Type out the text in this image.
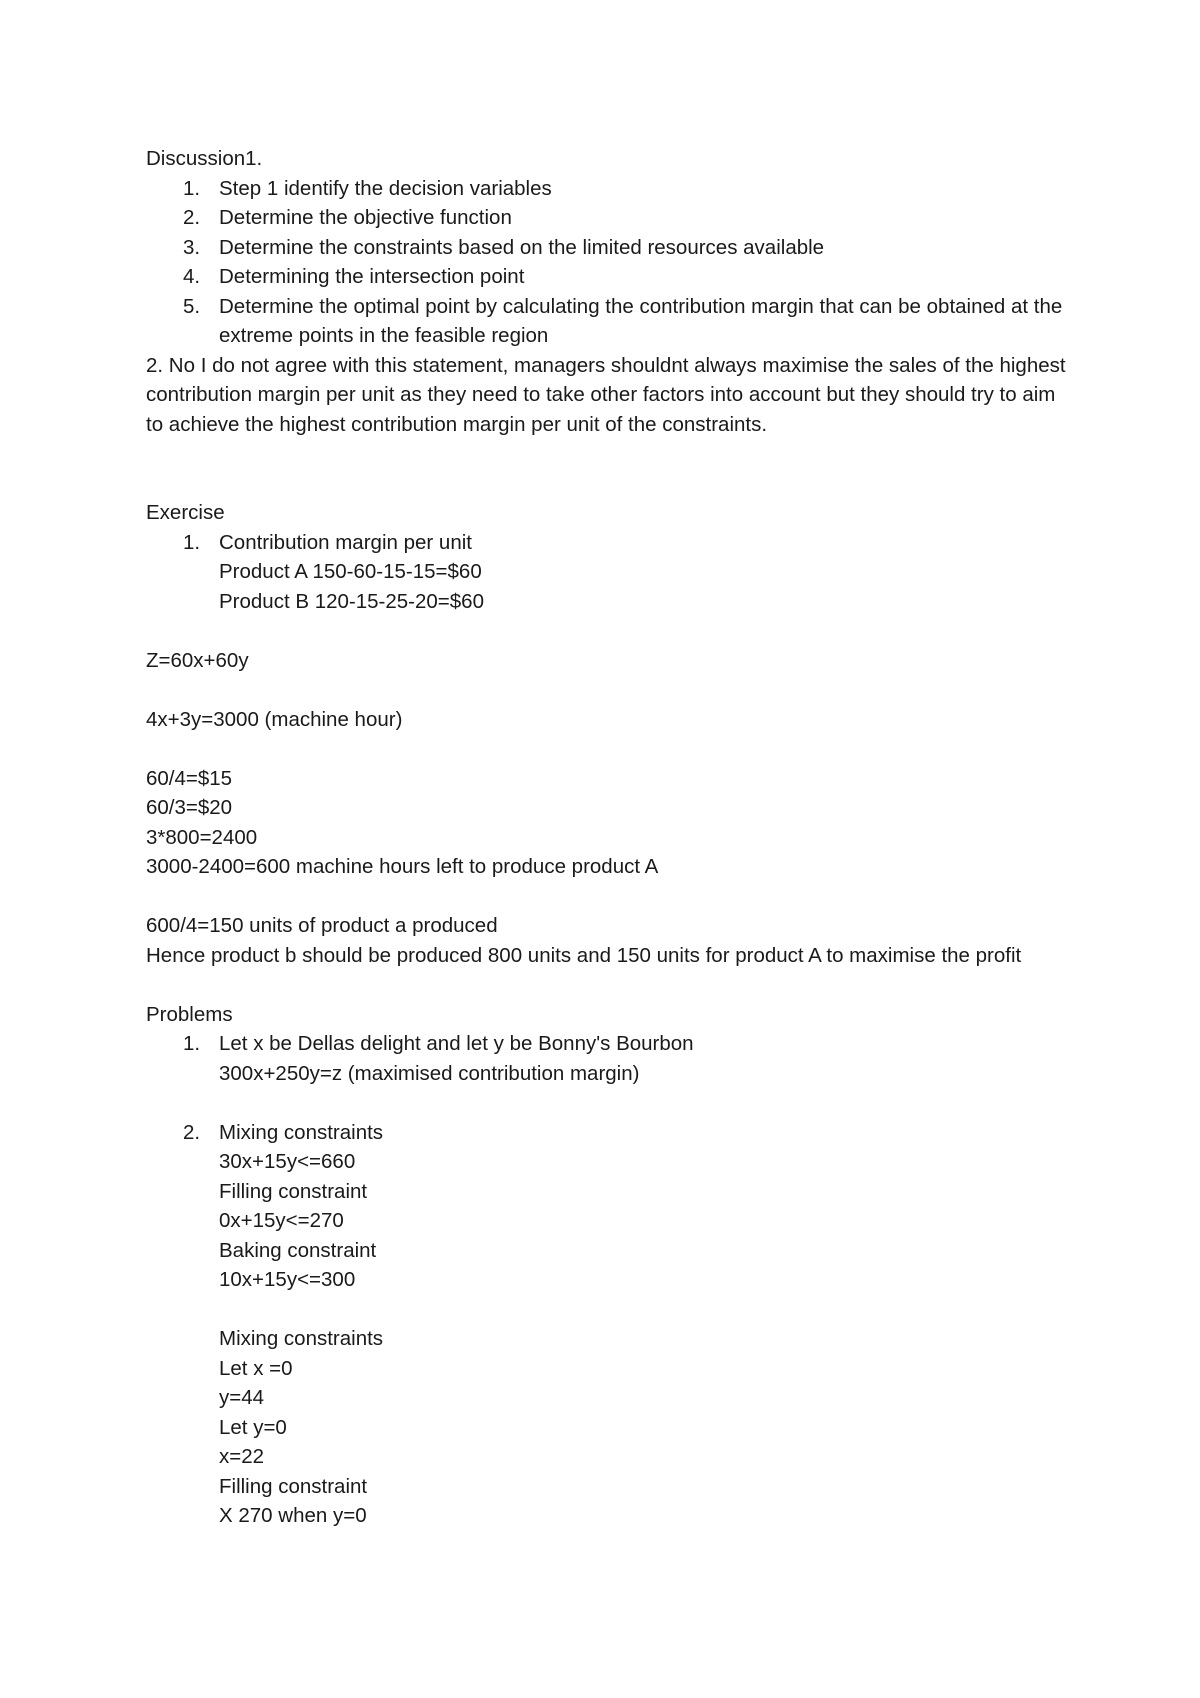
Discussion1.
1. Step 1 identify the decision variables
2. Determine the objective function
3. Determine the constraints based on the limited resources available
4. Determining the intersection point
5. Determine the optimal point by calculating the contribution margin that can be obtained at the extreme points in the feasible region
2. No I do not agree with this statement, managers shouldnt always maximise the sales of the highest contribution margin per unit as they need to take other factors into account but they should try to aim to achieve the highest contribution margin per unit of the constraints.
Exercise
1. Contribution margin per unit
Product A 150-60-15-15=$60
Product B 120-15-25-20=$60
Z=60x+60y
4x+3y=3000 (machine hour)
60/4=$15
60/3=$20
3*800=2400
3000-2400=600 machine hours left to produce product A
600/4=150 units of product a produced
Hence product b should be produced 800 units and 150 units for product A to maximise the profit
Problems
1. Let x be Dellas delight and let y be Bonny's Bourbon
300x+250y=z (maximised contribution margin)
2. Mixing constraints
30x+15y<=660
Filling constraint
0x+15y<=270
Baking constraint
10x+15y<=300
Mixing constraints
Let x =0
y=44
Let y=0
x=22
Filling constraint
X 270 when y=0
